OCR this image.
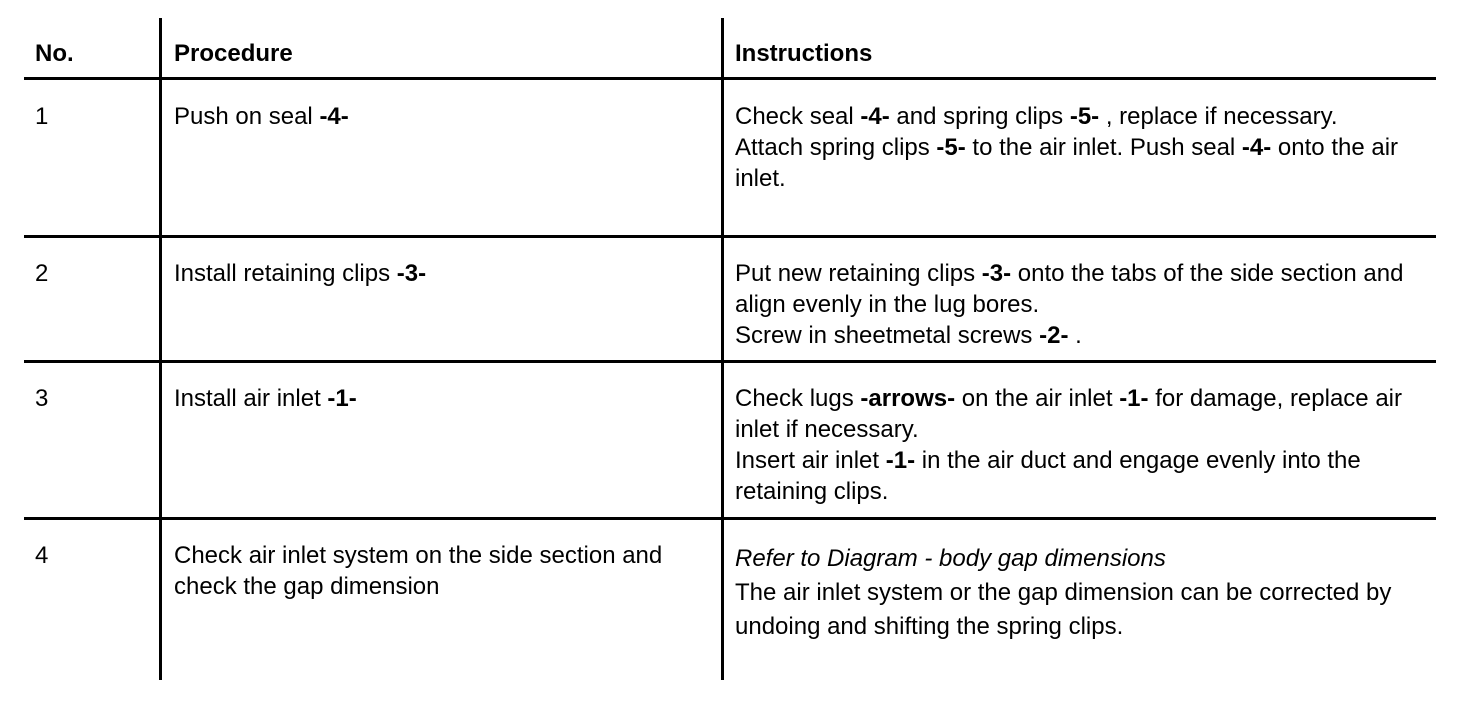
No.	Procedure	Instructions
1	Push on seal -4-	Check seal -4- and spring clips -5- , replace if necessary.
Attach spring clips -5- to the air inlet. Push seal -4- onto the air inlet.
2	Install retaining clips -3-	Put new retaining clips -3- onto the tabs of the side section and align evenly in the lug bores.
Screw in sheetmetal screws -2- .
3	Install air inlet -1-	Check lugs -arrows- on the air inlet -1- for damage, replace air inlet if necessary.
Insert air inlet -1- in the air duct and engage evenly into the retaining clips.
4	Check air inlet system on the side section and check the gap dimension
Refer to Diagram - body gap dimensions
The air inlet system or the gap dimension can be corrected by undoing and shifting the spring clips.
